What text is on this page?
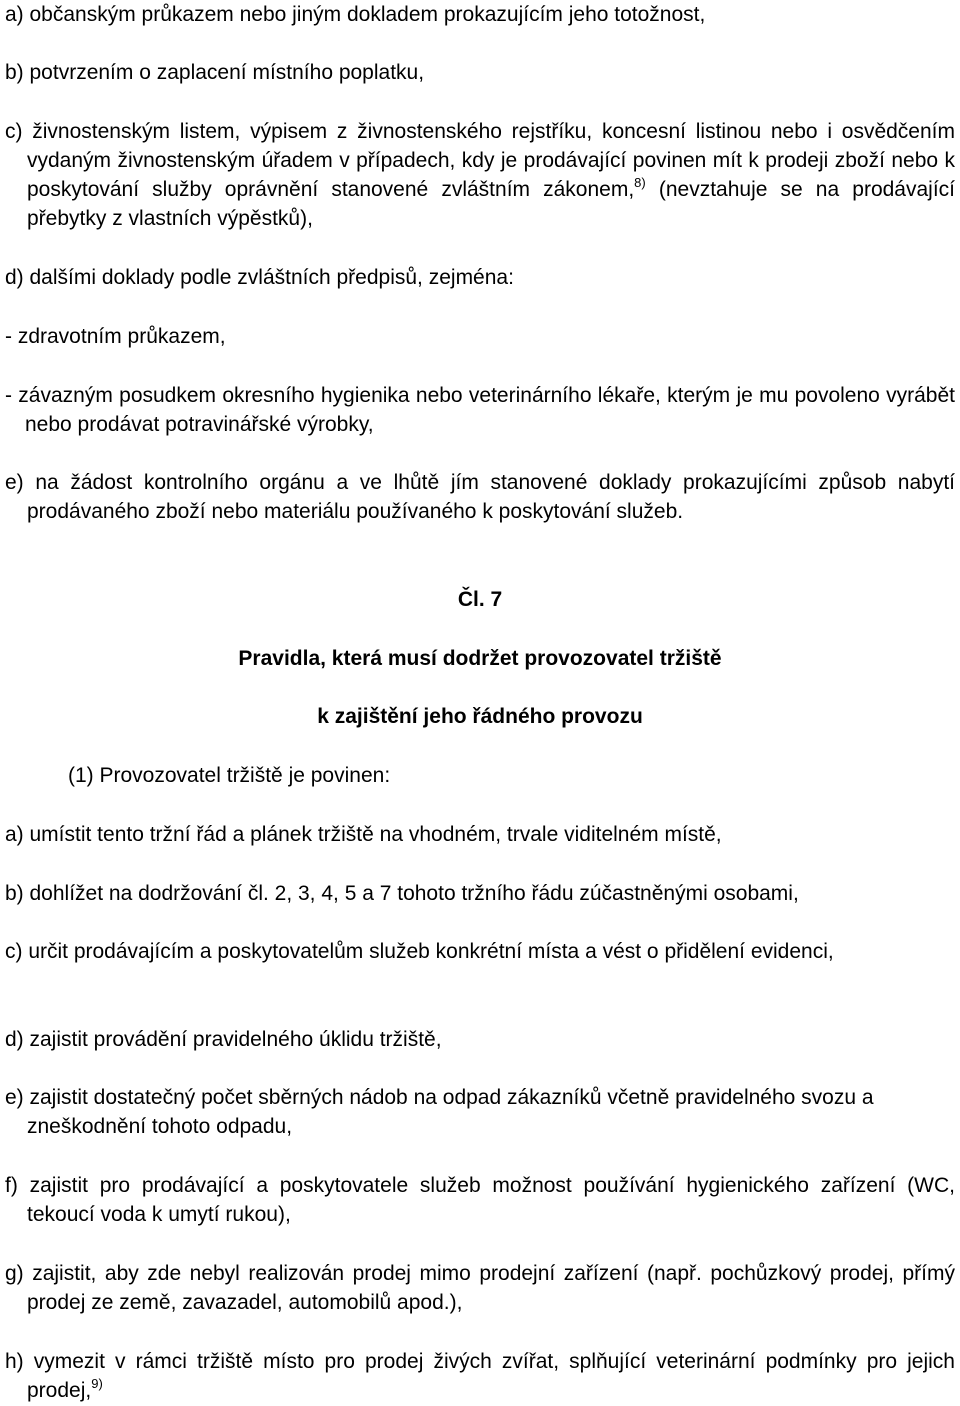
a) občanským průkazem nebo jiným dokladem prokazujícím jeho totožnost,

b) potvrzením o zaplacení místního poplatku,

c) živnostenským listem, výpisem z živnostenského rejstříku, koncesní listinou nebo i osvědčením vydaným živnostenským úřadem v případech, kdy je prodávající povinen mít k prodeji zboží nebo k poskytování služby oprávnění stanovené zvláštním zákonem,$^{8)}$ (nevztahuje se na prodávající přebytky z vlastních výpěstků),

d) dalšími doklady podle zvláštních předpisů, zejména:

- zdravotním průkazem,

- závazným posudkem okresního hygienika nebo veterinárního lékaře, kterým je mu povoleno vyrábět nebo prodávat potravinářské výrobky,

e) na žádost kontrolního orgánu a ve lhůtě jím stanovené doklady prokazujícími způsob nabytí prodávaného zboží nebo materiálu používaného k poskytování služeb.

Čl. 7

Pravidla, která musí dodržet provozovatel tržiště

k zajištění jeho řádného provozu

(1) Provozovatel tržiště je povinen:

a) umístit tento tržní řád a plánek tržiště na vhodném, trvale viditelném místě,

b) dohlížet na dodržování čl. 2, 3, 4, 5 a 7 tohoto tržního řádu zúčastněnými osobami,

c) určit prodávajícím a poskytovatelům služeb konkrétní místa a vést o přidělení evidenci,

d) zajistit provádění pravidelného úklidu tržiště,

e) zajistit dostatečný počet sběrných nádob na odpad zákazníků včetně pravidelného svozu a zneškodnění tohoto odpadu,

f) zajistit pro prodávající a poskytovatele služeb možnost používání hygienického zařízení (WC, tekoucí voda k umytí rukou),

g) zajistit, aby zde nebyl realizován prodej mimo prodejní zařízení (např. pochůzkový prodej, přímý prodej ze země, zavazadel, automobilů apod.),

h) vymezit v rámci tržiště místo pro prodej živých zvířat, splňující veterinární podmínky pro jejich prodej,$^{9)}$
